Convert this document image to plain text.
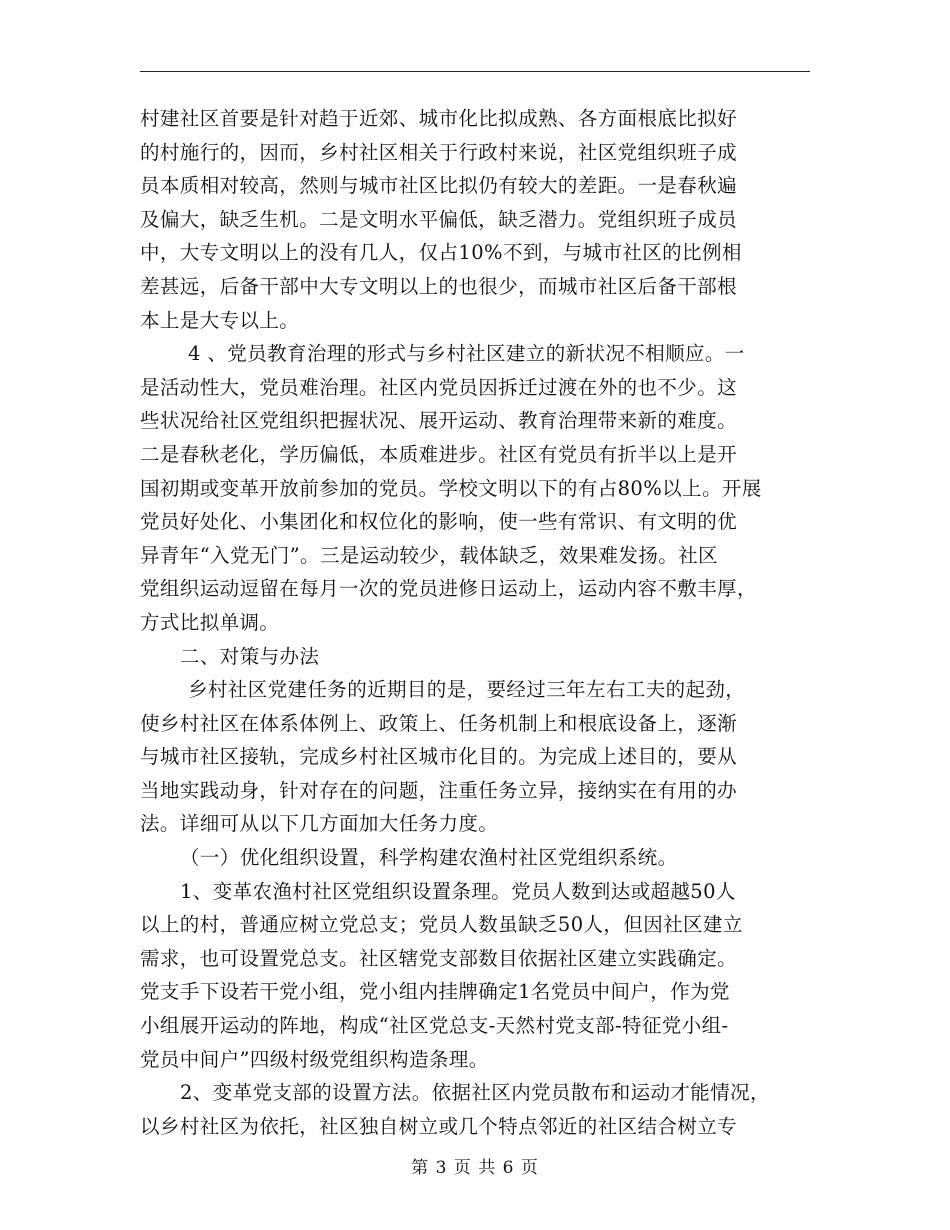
村建社区首要是针对趋于近郊、城市化比拟成熟、各方面根底比拟好
的村施行的，因而，乡村社区相关于行政村来说，社区党组织班子成
员本质相对较高，然则与城市社区比拟仍有较大的差距。一是春秋遍
及偏大，缺乏生机。二是文明水平偏低，缺乏潜力。党组织班子成员
中，大专文明以上的没有几人，仅占10%不到，与城市社区的比例相
差甚远，后备干部中大专文明以上的也很少，而城市社区后备干部根
本上是大专以上。
4 、党员教育治理的形式与乡村社区建立的新状况不相顺应。一
是活动性大，党员难治理。社区内党员因拆迁过渡在外的也不少。这
些状况给社区党组织把握状况、展开运动、教育治理带来新的难度。
二是春秋老化，学历偏低，本质难进步。社区有党员有折半以上是开
国初期或变革开放前参加的党员。学校文明以下的有占80%以上。开展
党员好处化、小集团化和权位化的影响，使一些有常识、有文明的优
异青年“入党无门”。三是运动较少，载体缺乏，效果难发扬。社区
党组织运动逗留在每月一次的党员进修日运动上，运动内容不敷丰厚，
方式比拟单调。
二、对策与办法
乡村社区党建任务的近期目的是，要经过三年左右工夫的起劲，
使乡村社区在体系体例上、政策上、任务机制上和根底设备上，逐渐
与城市社区接轨，完成乡村社区城市化目的。为完成上述目的，要从
当地实践动身，针对存在的问题，注重任务立异，接纳实在有用的办
法。详细可从以下几方面加大任务力度。
（一）优化组织设置，科学构建农渔村社区党组织系统。
1、变革农渔村社区党组织设置条理。党员人数到达或超越50人
以上的村，普通应树立党总支；党员人数虽缺乏50人，但因社区建立
需求，也可设置党总支。社区辖党支部数目依据社区建立实践确定。
党支手下设若干党小组，党小组内挂牌确定1名党员中间户，作为党
小组展开运动的阵地，构成“社区党总支-天然村党支部-特征党小组-
党员中间户”四级村级党组织构造条理。
2、变革党支部的设置方法。依据社区内党员散布和运动才能情况，
以乡村社区为依托，社区独自树立或几个特点邻近的社区结合树立专
第 3 页 共 6 页
